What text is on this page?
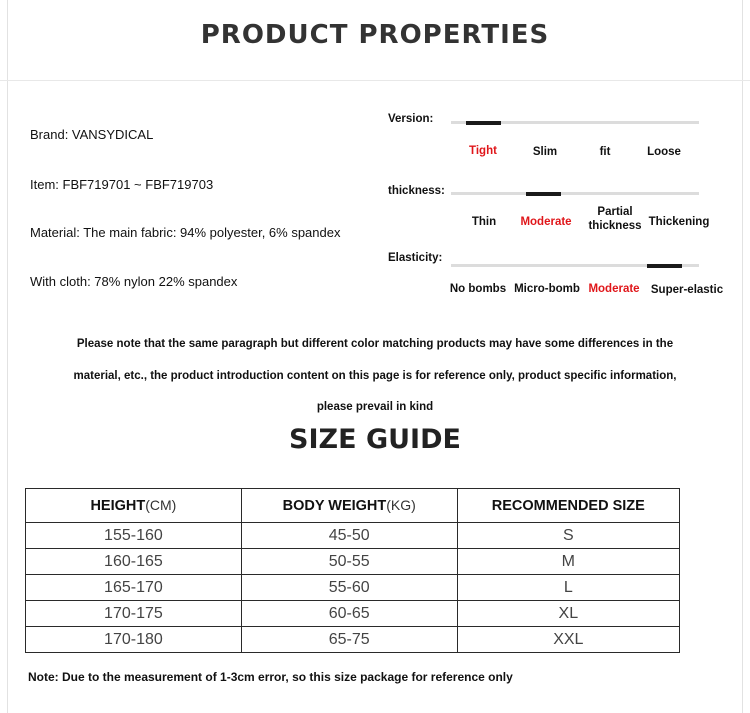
PRODUCT PROPERTIES
Brand: VANSYDICAL
Item: FBF719701 ~ FBF719703
Material: The main fabric: 94% polyester, 6% spandex
With cloth: 78% nylon 22% spandex
Version:
Tight	Slim	fit	Loose
thickness:
Thin	Moderate
Partial thickness Thickening
Elasticity:
No bombs Micro-bomb Moderate Super-elastic
Please note that the same paragraph but different color matching products may have some differences in the
material, etc., the product introduction content on this page is for reference only, product specific information,
please prevail in kind
SIZE GUIDE
HEIGHT(CM)	BODY WEIGHT(KG)	RECOMMENDED SIZE
155-160	45-50	S
160-165	50-55	M
165-170	55-60	L
170-175	60-65	XL
170-180	65-75	XXL
Note: Due to the measurement of 1-3cm error, so this size package for reference only
